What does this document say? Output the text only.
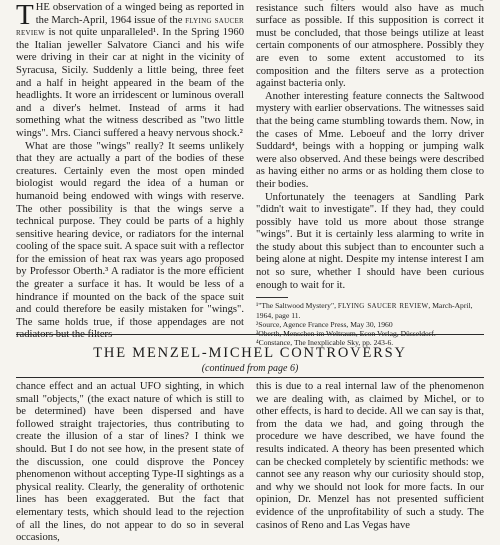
THE observation of a winged being as reported in the March-April, 1964 issue of the flying saucer review is not quite unparalleled¹. In the Spring 1960 the Italian jeweller Salvatore Cianci and his wife were driving in their car at night in the vicinity of Syracusa, Sicily. Suddenly a little being, three feet and a half in height appeared in the beam of the headlights. It wore an irridescent or luminous overall and a diver's helmet. Instead of arms it had something what the witness described as "two little wings". Mrs. Cianci suffered a heavy nervous shock.²

What are those "wings" really? It seems unlikely that they are actually a part of the bodies of these creatures. Certainly even the most open minded biologist would regard the idea of a human or humanoid being endowed with wings with reserve. The other possibility is that the wings serve a technical purpose. They could be parts of a highly sensitive hearing device, or radiators for the internal cooling of the space suit. A space suit with a reflector for the emission of heat rax was years ago proposed by Professor Oberth.³ A radiator is the more efficient the greater a surface it has. It would be less of a hindrance if mounted on the back of the space suit and could therefore be easily mistaken for "wings". The same holds true, if those appendages are not radiators but the filters

resistance such filters would also have as much surface as possible. If this supposition is correct it must be concluded, that those beings utilize at least certain components of our atmosphere. Possibly they are even to some extent accustomed to its composition and the filters serve as a protection against bacteria only.

Another interesting feature connects the Saltwood mystery with earlier observations. The witnesses said that the being came stumbling towards them. Now, in the cases of Mme. Leboeuf and the lorry driver Suddard⁴, beings with a hopping or jumping walk were also observed. And these beings were described as having either no arms or as holding them close to their bodies.

Unfortunately the teenagers at Sandling Park "didn't wait to investigate". If they had, they could possibly have told us more about those strange "wings". But it is certainly less alarming to write in the study about this subject than to encounter such a being alone at night. Despite my intense interest I am not so sure, whether I should have been curious enough to wait for it.

¹"The Saltwood Mystery", flying saucer review, March-April, 1964, page 11.
²Source, Agence France Press, May 30, 1960
³Oberth, Menschen im Weltraum, Econ Verlag, Düsseldorf.
⁴Constance, The Inexplicable Sky, pp. 243-6.
THE MENZEL-MICHEL CONTROVERSY
(continued from page 6)

chance effect and an actual UFO sighting, in which small "objects," (the exact nature of which is still to be determined) have been dispersed and have followed straight trajectories, thus contributing to create the illusion of a star of lines? I think we should. But I do not see how, in the present state of the discussion, one could disprove the Poncey phenomenon without accepting Type-II sightings as a physical reality. Clearly, the generality of orthotenic lines has been exaggerated. But the fact that elementary tests, which should lead to the rejection of all the lines, do not appear to do so in several occasions,

this is due to a real internal law of the phenomenon we are dealing with, as claimed by Michel, or to other effects, is hard to decide. All we can say is that, from the data we had, and going through the procedure we have described, we have found the results indicated. A theory has been presented which can be checked completely by scientific methods: we cannot see any reason why our curiosity should stop, and why we should not look for more facts. In our opinion, Dr. Menzel has not presented sufficient evidence of the unprofitability of such a study. The casinos of Reno and Las Vegas have
